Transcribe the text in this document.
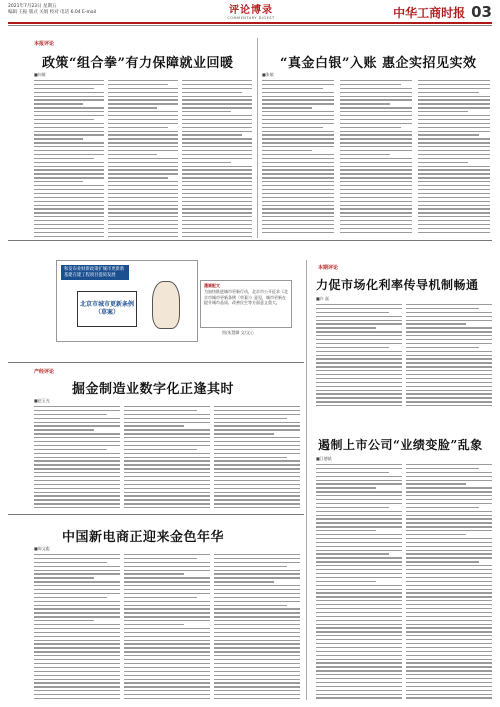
2021年7月23日 星期五
编辑 王振 版式 关娟 校对 电话 6.04 E-mail	评论博录
COMMENTARY DIGEST	中华工商时报 03
本报评论
政策“组合拳”有力保障就业回暖
■何雄
“真金白银”入账 惠企实招见实效
■张敏
和发布业财新政策扩城市更新新基建在建工程项目提质发展
北京市城市更新条例（草案）
漫画配文
为加快推进城市更新行动，北京市公开征求《北京市城市更新条例（草案）》意见，城市更新在提升城市品质、改善民生等方面意义重大。
图/朱慧卿 文/文心
本期评论
力促市场化利率传导机制畅通
■许 磊
产经评论
掘金制造业数字化正逢其时
■赵玉光
遏制上市公司“业绩变脸”乱象
■江德斌
中国新电商正迎来金色年华
■周文彪
